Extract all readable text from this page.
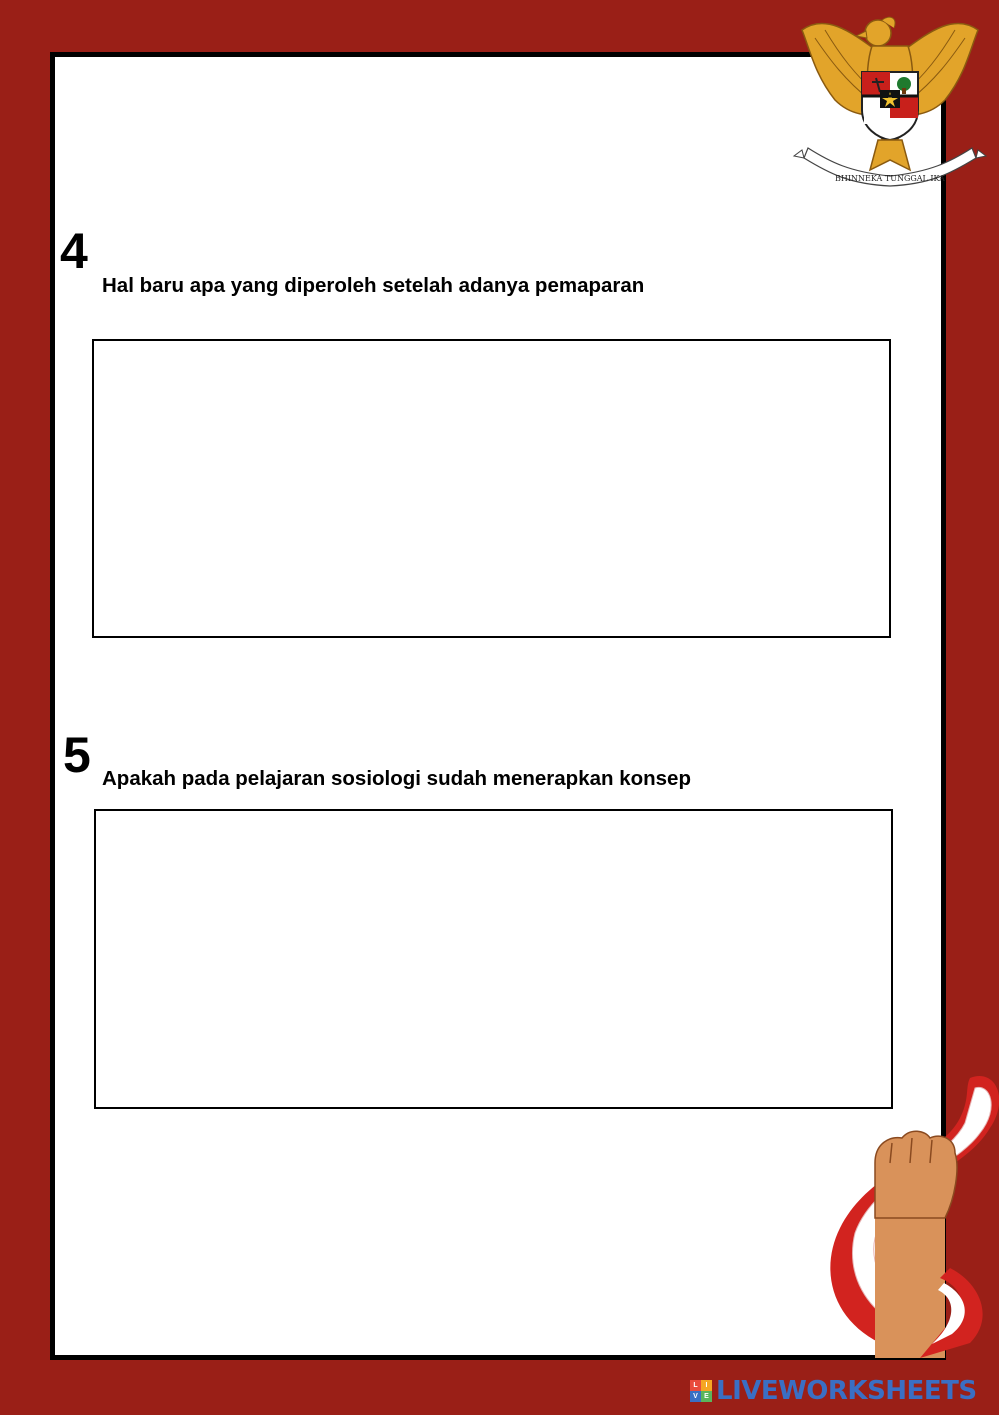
4

Hal baru apa yang diperoleh setelah adanya pemaparan

5

Apakah pada pelajaran sosiologi sudah menerapkan konsep

BHINNEKA TUNGGAL IKA
L	I
V E LIVEWORKSHEETS
